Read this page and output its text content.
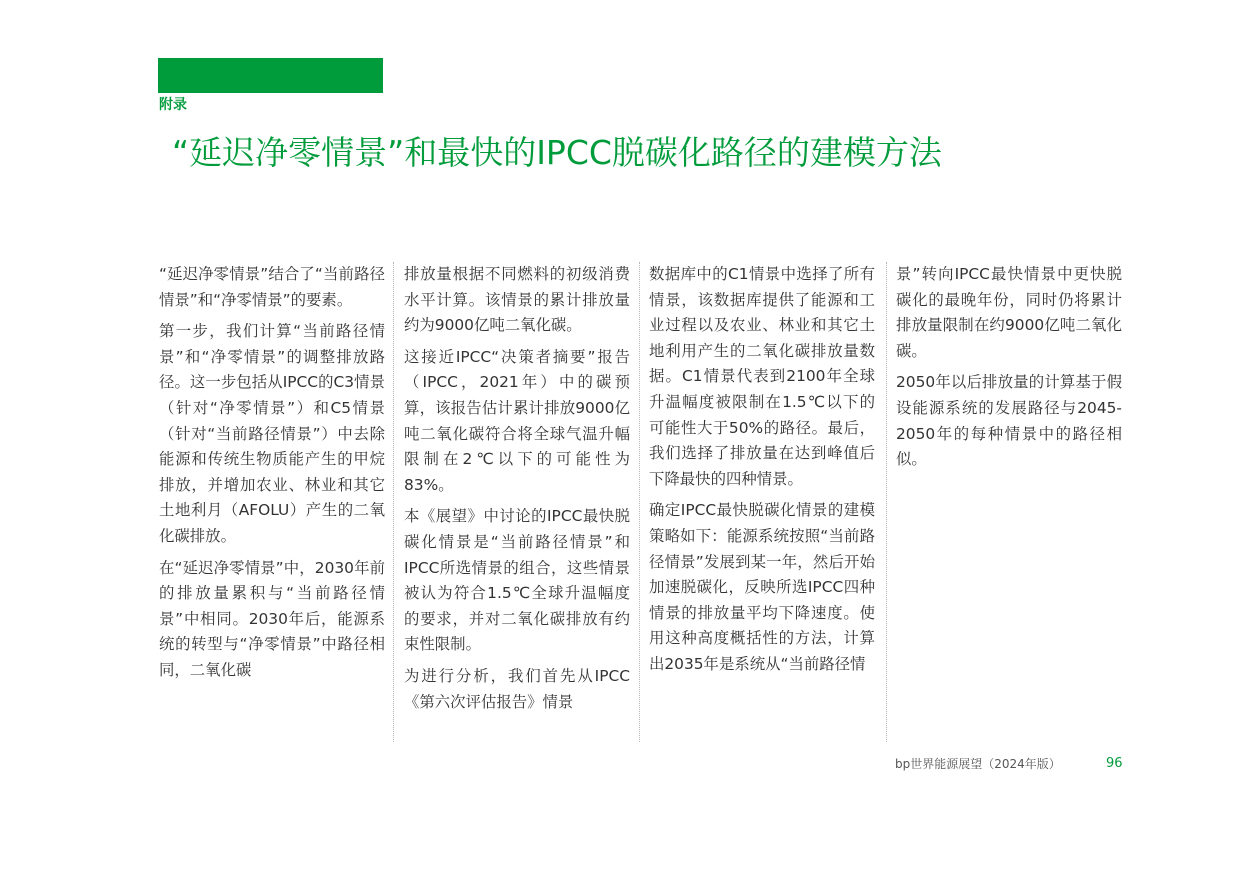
附录
“延迟净零情景”和最快的IPCC脱碳化路径的建模方法

“延迟净零情景”结合了“当前路径情景”和“净零情景”的要素。

第一步，我们计算“当前路径情景”和“净零情景”的调整排放路径。这一步包括从IPCC的C3情景（针对“净零情景”）和C5情景（针对“当前路径情景”）中去除能源和传统生物质能产生的甲烷排放，并增加农业、林业和其它土地利月（AFOLU）产生的二氧化碳排放。

在“延迟净零情景”中，2030年前的排放量累积与“当前路径情景”中相同。2030年后，能源系统的转型与“净零情景”中路径相同，二氧化碳

排放量根据不同燃料的初级消费水平计算。该情景的累计排放量约为9000亿吨二氧化碳。

这接近IPCC“决策者摘要”报告（IPCC，2021年）中的碳预算，该报告估计累计排放9000亿吨二氧化碳符合将全球气温升幅限制在2℃以下的可能性为83%。

本《展望》中讨论的IPCC最快脱碳化情景是“当前路径情景”和IPCC所选情景的组合，这些情景被认为符合1.5℃全球升温幅度的要求，并对二氧化碳排放有约束性限制。

为进行分析，我们首先从IPCC《第六次评估报告》情景

数据库中的C1情景中选择了所有情景，该数据库提供了能源和工业过程以及农业、林业和其它土地利用产生的二氧化碳排放量数据。C1情景代表到2100年全球升温幅度被限制在1.5℃以下的可能性大于50%的路径。最后，我们选择了排放量在达到峰值后下降最快的四种情景。

确定IPCC最快脱碳化情景的建模策略如下：能源系统按照“当前路径情景”发展到某一年，然后开始加速脱碳化，反映所选IPCC四种情景的排放量平均下降速度。使用这种高度概括性的方法，计算出2035年是系统从“当前路径情

景”转向IPCC最快情景中更快脱碳化的最晚年份，同时仍将累计排放量限制在约9000亿吨二氧化碳。

2050年以后排放量的计算基于假设能源系统的发展路径与2045-2050年的每种情景中的路径相似。

bp世界能源展望（2024年版）	96
